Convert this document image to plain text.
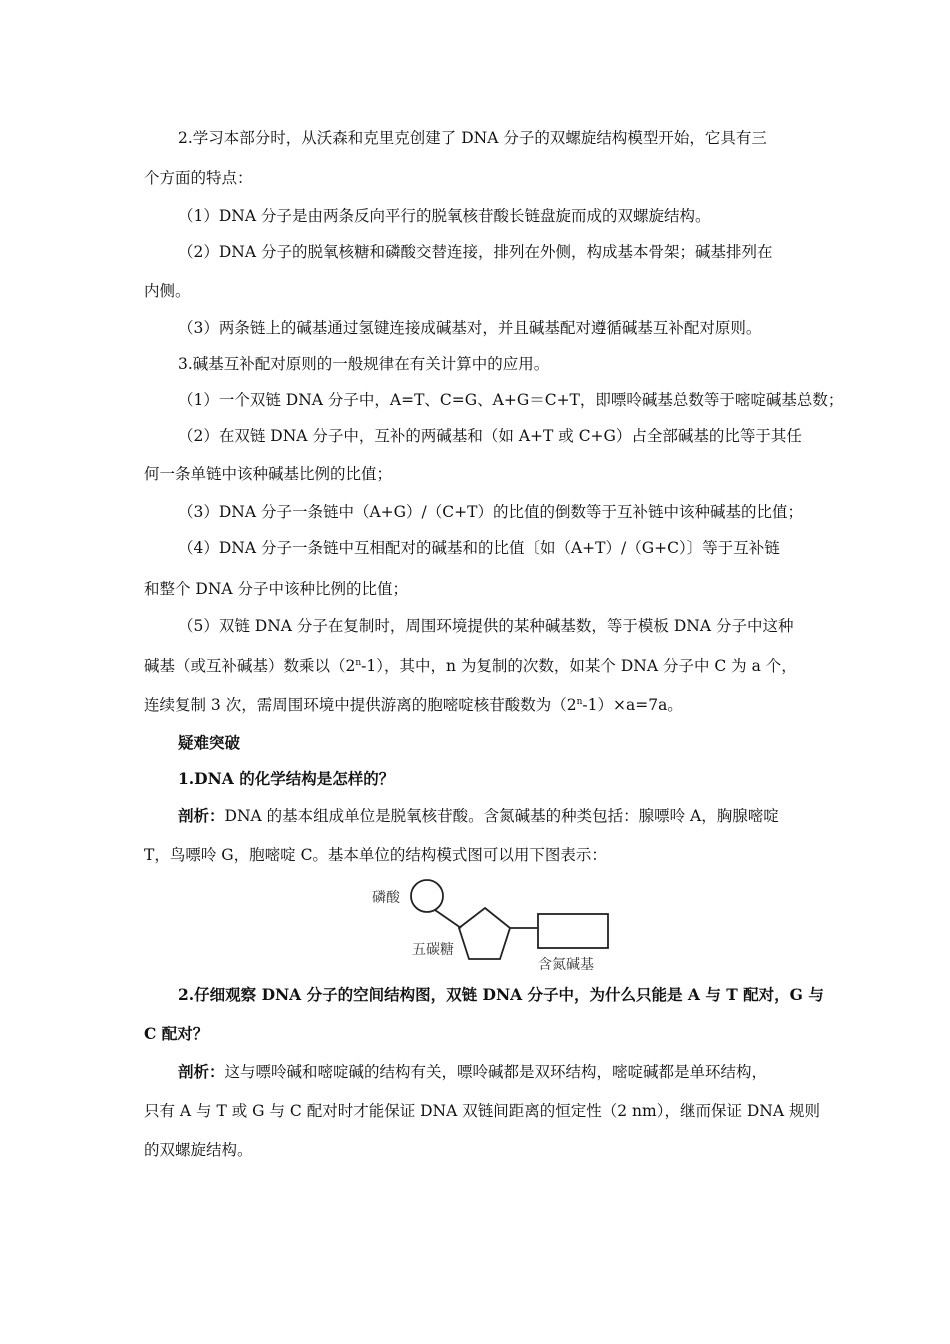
2.学习本部分时，从沃森和克里克创建了 DNA 分子的双螺旋结构模型开始，它具有三
个方面的特点：
（1）DNA 分子是由两条反向平行的脱氧核苷酸长链盘旋而成的双螺旋结构。
（2）DNA 分子的脱氧核糖和磷酸交替连接，排列在外侧，构成基本骨架；碱基排列在
内侧。
（3）两条链上的碱基通过氢键连接成碱基对，并且碱基配对遵循碱基互补配对原则。
3.碱基互补配对原则的一般规律在有关计算中的应用。
（1）一个双链 DNA 分子中，A=T、C=G、A+G＝C+T，即嘌呤碱基总数等于嘧啶碱基总数；
（2）在双链 DNA 分子中，互补的两碱基和（如 A+T 或 C+G）占全部碱基的比等于其任
何一条单链中该种碱基比例的比值；
（3）DNA 分子一条链中（A+G）/（C+T）的比值的倒数等于互补链中该种碱基的比值；
（4）DNA 分子一条链中互相配对的碱基和的比值〔如（A+T）/（G+C）〕等于互补链
和整个 DNA 分子中该种比例的比值；
（5）双链 DNA 分子在复制时，周围环境提供的某种碱基数，等于模板 DNA 分子中这种
碱基（或互补碱基）数乘以（2$^n$-1），其中，n 为复制的次数，如某个 DNA 分子中 C 为 a 个，
连续复制 3 次，需周围环境中提供游离的胞嘧啶核苷酸数为$(2^n-1)\times a=7a$。
疑难突破
1.DNA 的化学结构是怎样的？
剖析：DNA 的基本组成单位是脱氧核苷酸。含氮碱基的种类包括：腺嘌呤 A，胸腺嘧啶
T，鸟嘌呤 G，胞嘧啶 C。基本单位的结构模式图可以用下图表示：
磷酸
五碳糖
含氮碱基
2.仔细观察 DNA 分子的空间结构图，双链 DNA 分子中，为什么只能是 A 与 T 配对，G 与
C 配对？
剖析：这与嘌呤碱和嘧啶碱的结构有关，嘌呤碱都是双环结构，嘧啶碱都是单环结构，
只有 A 与 T 或 G 与 C 配对时才能保证 DNA 双链间距离的恒定性（2 nm），继而保证 DNA 规则
的双螺旋结构。
